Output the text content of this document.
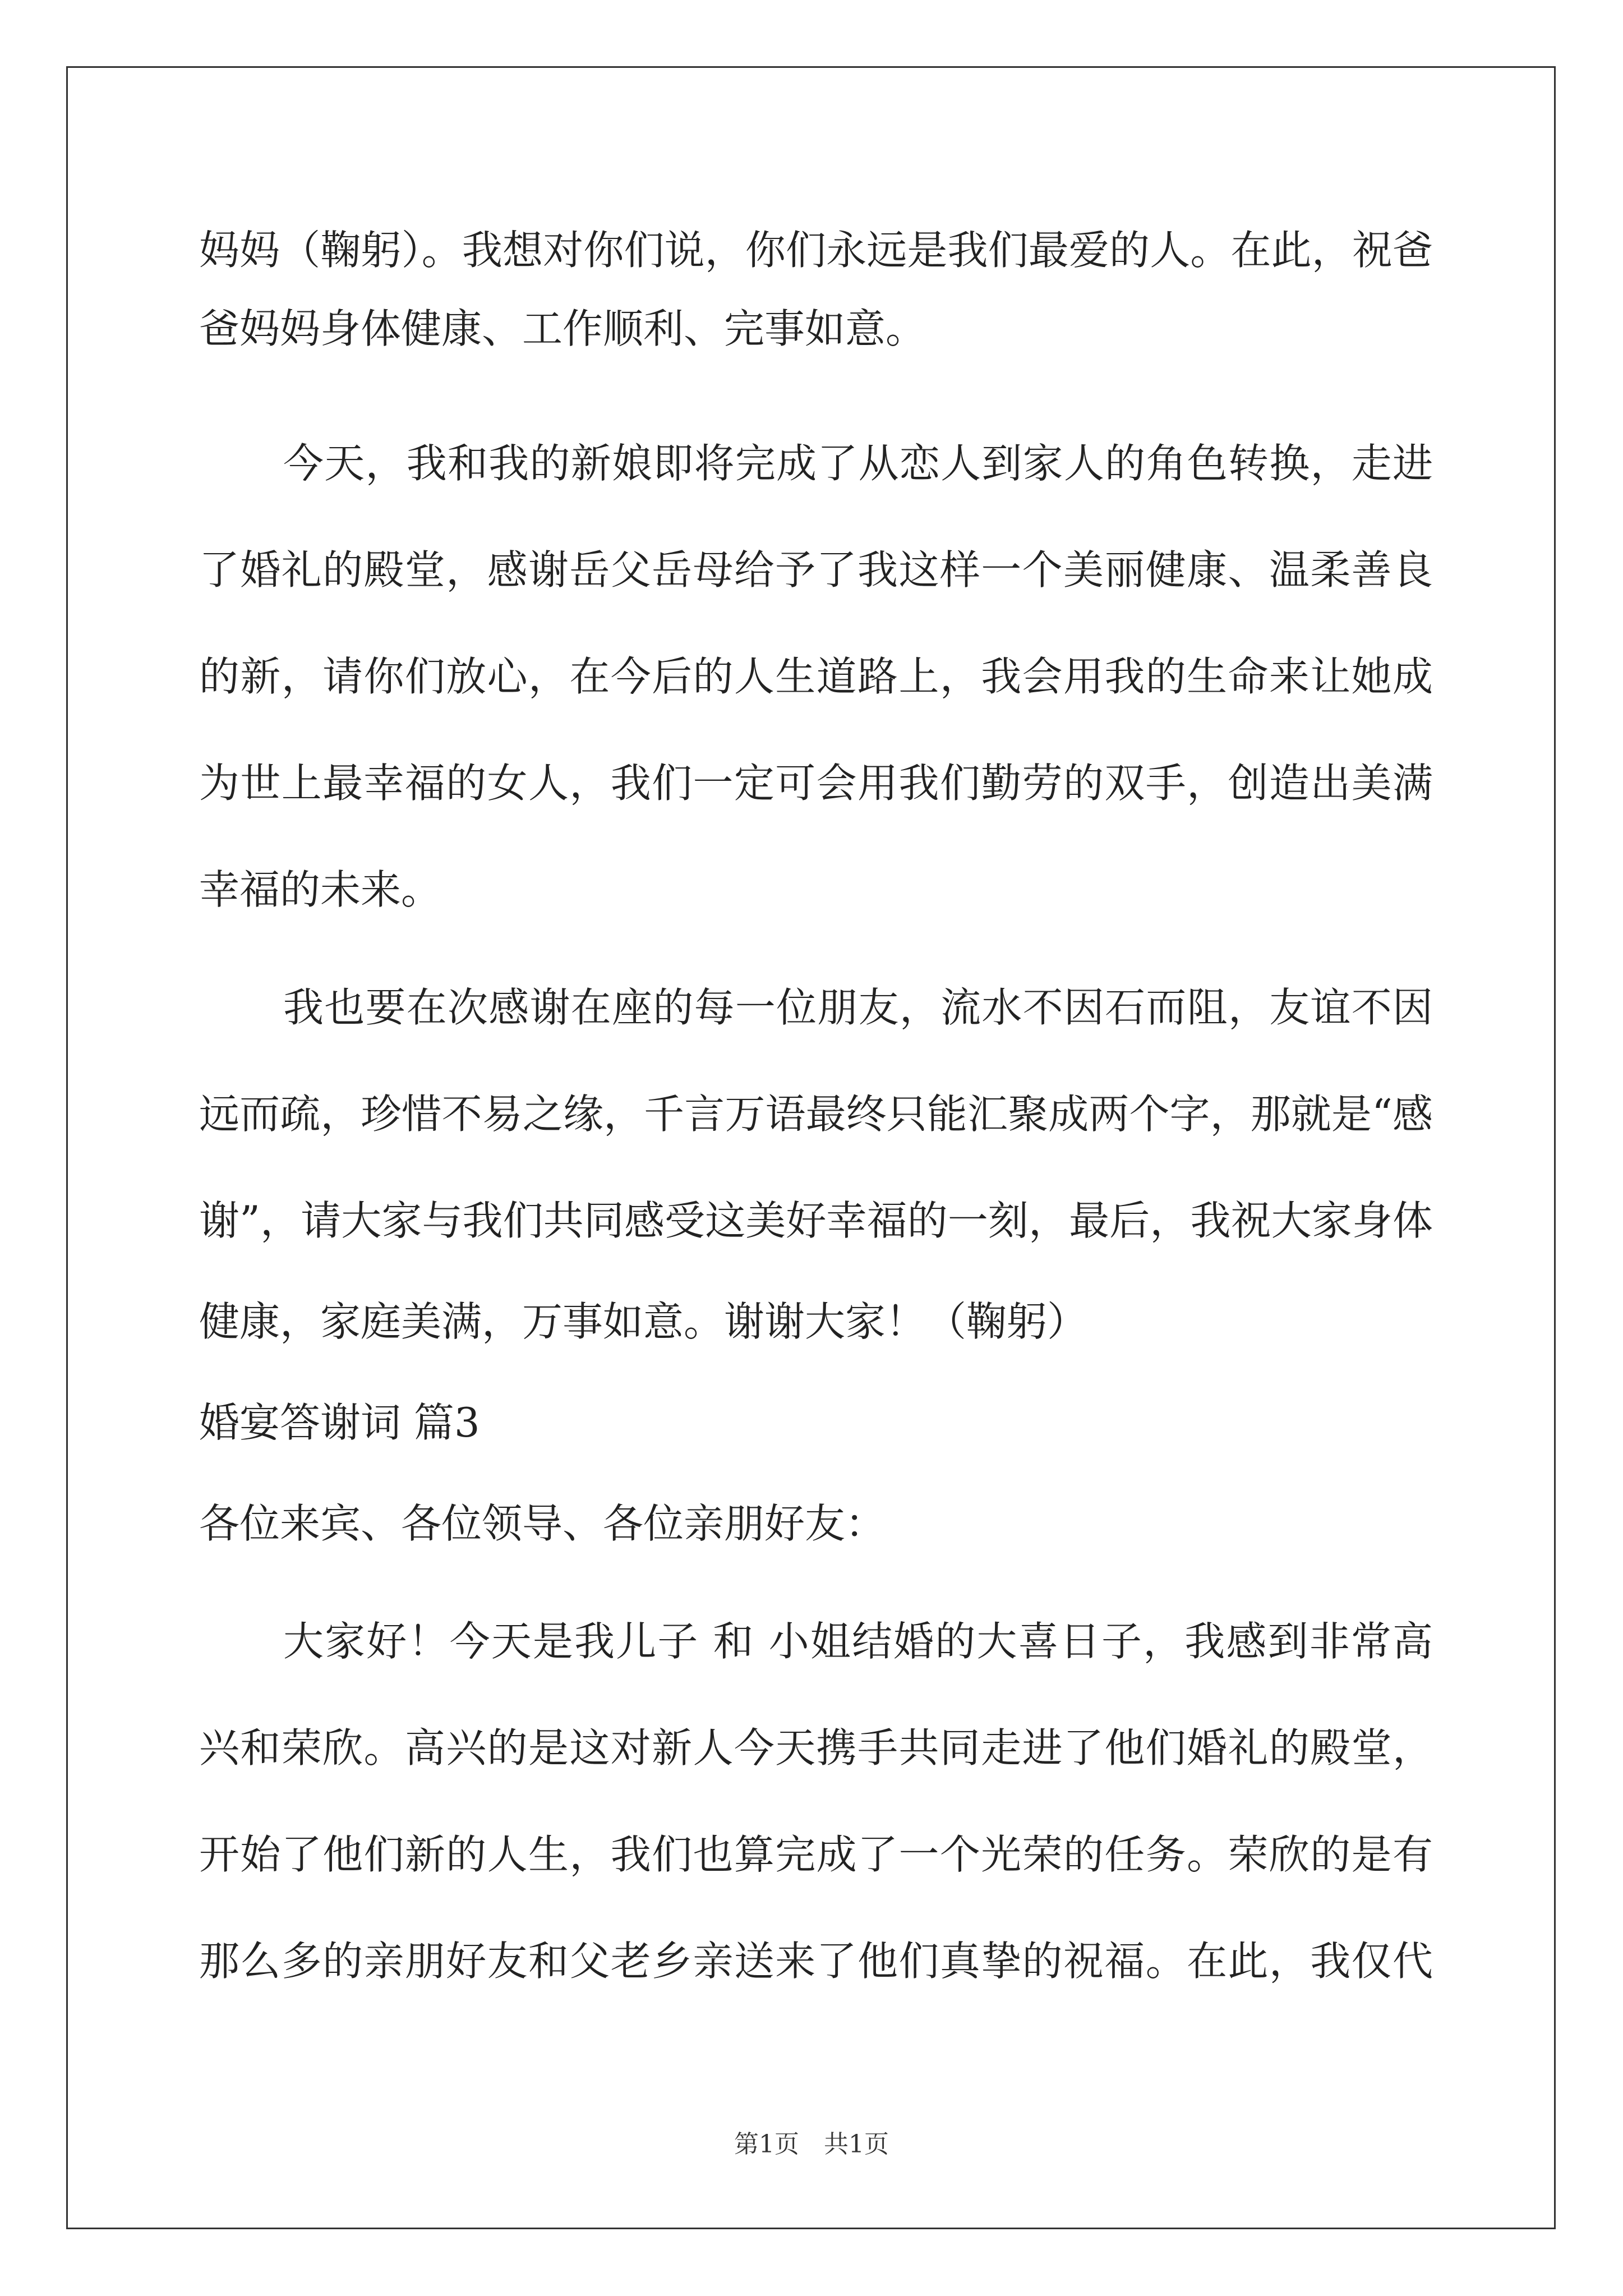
妈妈（鞠躬）。我想对你们说，你们永远是我们最爱的人。在此，祝爸
爸妈妈身体健康、工作顺利、完事如意。
今天，我和我的新娘即将完成了从恋人到家人的角色转换，走进
了婚礼的殿堂，感谢岳父岳母给予了我这样一个美丽健康、温柔善良
的新，请你们放心，在今后的人生道路上，我会用我的生命来让她成
为世上最幸福的女人，我们一定可会用我们勤劳的双手，创造出美满
幸福的未来。
我也要在次感谢在座的每一位朋友，流水不因石而阻，友谊不因
远而疏，珍惜不易之缘，千言万语最终只能汇聚成两个字，那就是“感
谢”，请大家与我们共同感受这美好幸福的一刻，最后，我祝大家身体
健康，家庭美满，万事如意。谢谢大家！（鞠躬）
婚宴答谢词 篇3
各位来宾、各位领导、各位亲朋好友：
大家好！今天是我儿子 和 小姐结婚的大喜日子，我感到非常高
兴和荣欣。高兴的是这对新人今天携手共同走进了他们婚礼的殿堂，
开始了他们新的人生，我们也算完成了一个光荣的任务。荣欣的是有
那么多的亲朋好友和父老乡亲送来了他们真挚的祝福。在此，我仅代
第1页　共1页
